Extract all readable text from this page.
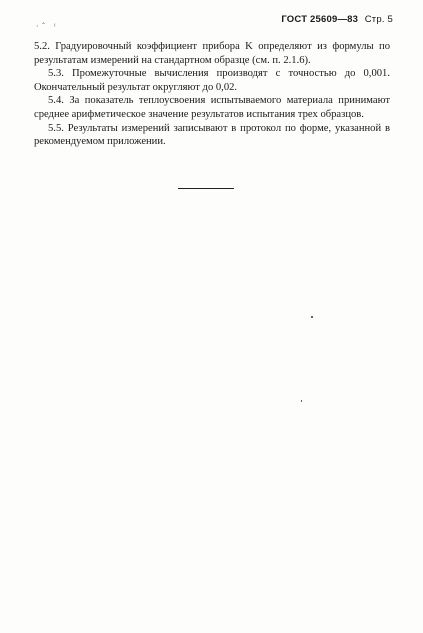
·ˆ ⁱ
ГОСТ 25609—83 Стр. 5

5.2. Градуировочный коэффициент прибора K определяют из формулы по результатам измерений на стандартном образце (см. п. 2.1.6).

5.3. Промежуточные вычисления производят с точностью до 0,001. Окончательный результат округляют до 0,02.

5.4. За показатель теплоусвоения испытываемого материала принимают среднее арифметическое значение результатов испытания трех образцов.

5.5. Результаты измерений записывают в протокол по форме, указанной в рекомендуемом приложении.
